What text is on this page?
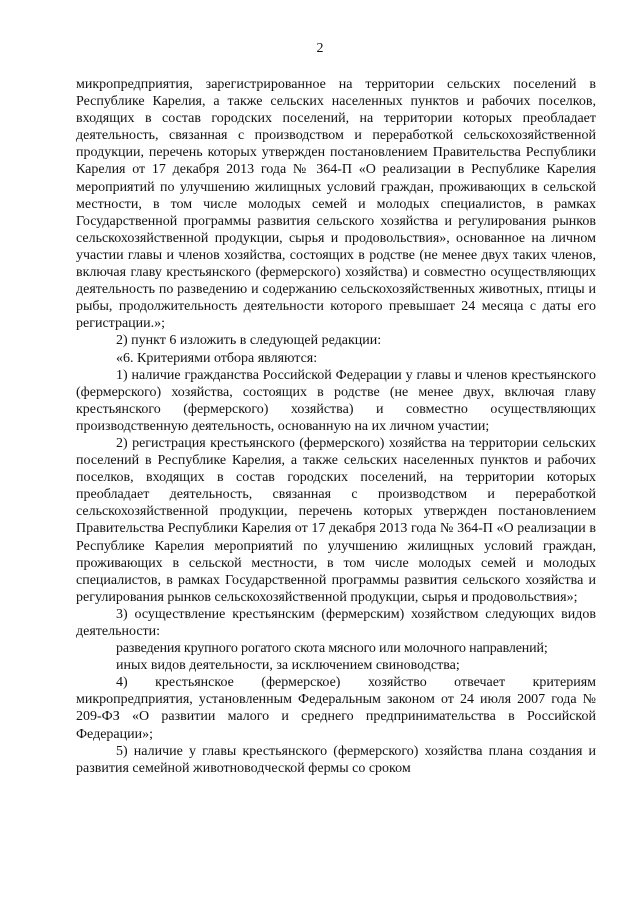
2

микропредприятия, зарегистрированное на территории сельских поселений в Республике Карелия, а также сельских населенных пунктов и рабочих поселков, входящих в состав городских поселений, на территории которых преобладает деятельность, связанная с производством и переработкой сельскохозяйственной продукции, перечень которых утвержден постановлением Правительства Республики Карелия от 17 декабря 2013 года № 364-П «О реализации в Республике Карелия мероприятий по улучшению жилищных условий граждан, проживающих в сельской местности, в том числе молодых семей и молодых специалистов, в рамках Государственной программы развития сельского хозяйства и регулирования рынков сельскохозяйственной продукции, сырья и продовольствия», основанное на личном участии главы и членов хозяйства, состоящих в родстве (не менее двух таких членов, включая главу крестьянского (фермерского) хозяйства) и совместно осуществляющих деятельность по разведению и содержанию сельскохозяйственных животных, птицы и рыбы, продолжительность деятельности которого превышает 24 месяца с даты его регистрации.»;

2) пункт 6 изложить в следующей редакции:

«6. Критериями отбора являются:

1) наличие гражданства Российской Федерации у главы и членов крестьянского (фермерского) хозяйства, состоящих в родстве (не менее двух, включая главу крестьянского (фермерского) хозяйства) и совместно осуществляющих производственную деятельность, основанную на их личном участии;

2) регистрация крестьянского (фермерского) хозяйства на территории сельских поселений в Республике Карелия, а также сельских населенных пунктов и рабочих поселков, входящих в состав городских поселений, на территории которых преобладает деятельность, связанная с производством и переработкой сельскохозяйственной продукции, перечень которых утвержден постановлением Правительства Республики Карелия от 17 декабря 2013 года № 364-П «О реализации в Республике Карелия мероприятий по улучшению жилищных условий граждан, проживающих в сельской местности, в том числе молодых семей и молодых специалистов, в рамках Государственной программы развития сельского хозяйства и регулирования рынков сельскохозяйственной продукции, сырья и продовольствия»;

3) осуществление крестьянским (фермерским) хозяйством следующих видов деятельности:

разведения крупного рогатого скота мясного или молочного направлений;

иных видов деятельности, за исключением свиноводства;

4) крестьянское (фермерское) хозяйство отвечает критериям микропредприятия, установленным Федеральным законом от 24 июля 2007 года № 209-ФЗ «О развитии малого и среднего предпринимательства в Российской Федерации»;

5) наличие у главы крестьянского (фермерского) хозяйства плана создания и развития семейной животноводческой фермы со сроком
